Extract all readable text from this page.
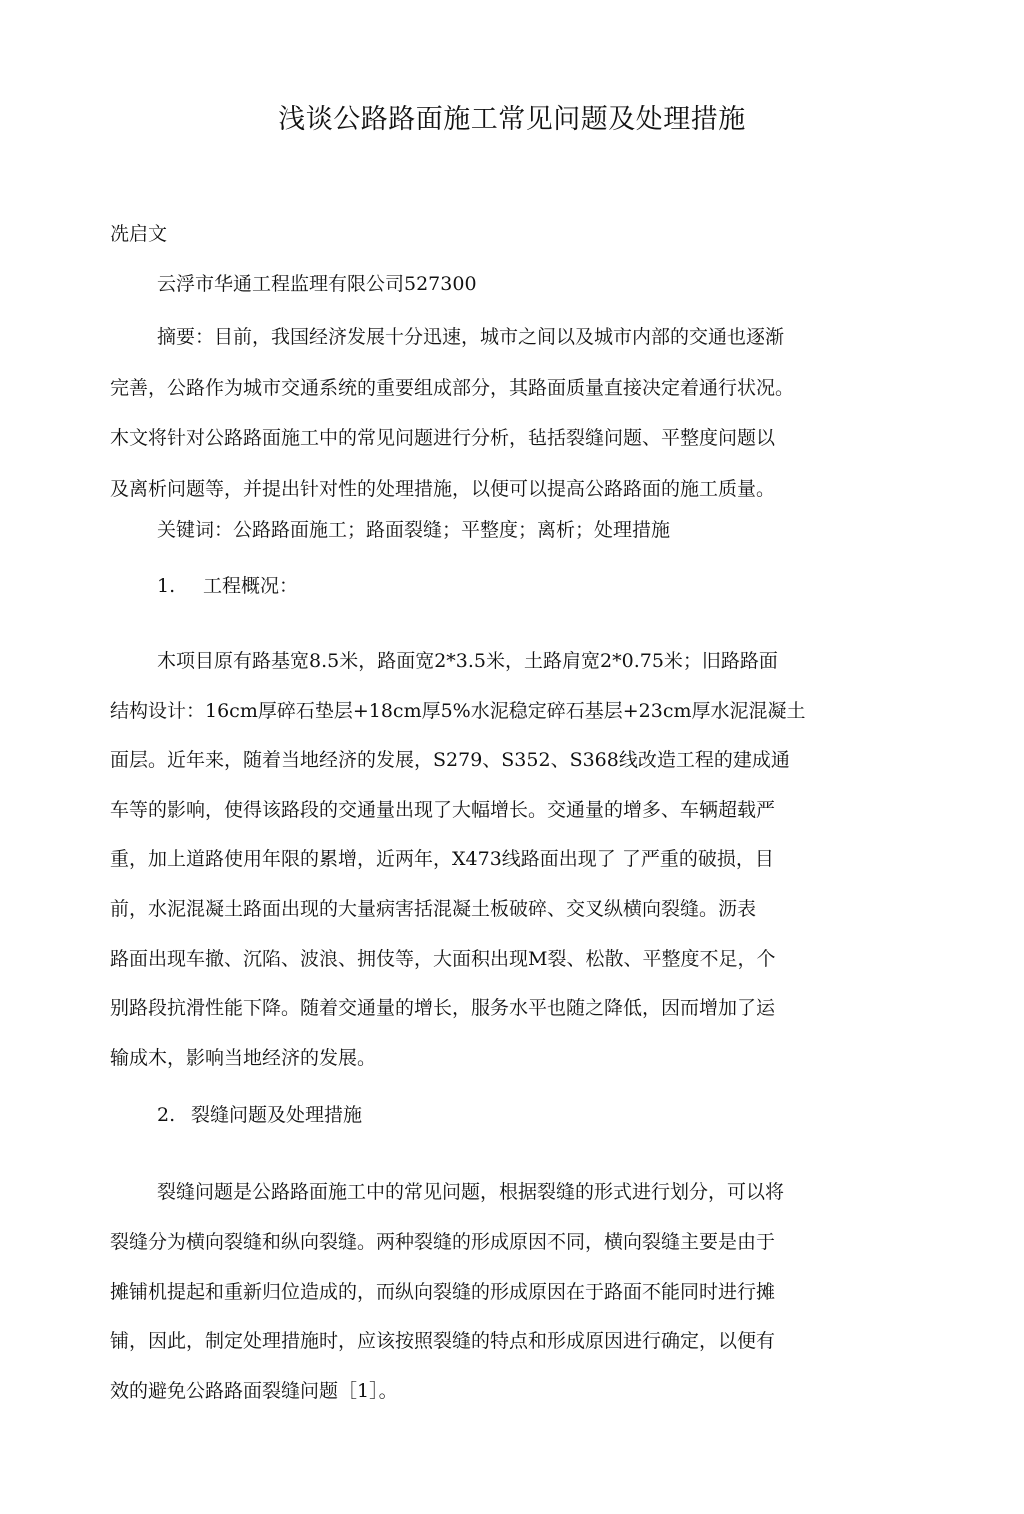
浅谈公路路面施工常见问题及处理措施
冼启文
云浮市华通工程监理有限公司527300
摘要：目前，我国经济发展十分迅速，城市之间以及城市内部的交通也逐渐
完善，公路作为城市交通系统的重要组成部分，其路面质量直接决定着通行状况。
木文将针对公路路面施工中的常见问题进行分析，毡括裂缝问题、平整度问题以
及离析问题等，并提出针对性的处理措施，以便可以提高公路路面的施工质量。
关键词：公路路面施工；路面裂缝；平整度；离析；处理措施
1. 工程概况：
木项目原有路基宽8.5米，路面宽2*3.5米，土路肩宽2*0.75米；旧路路面
结构设计：16cm厚碎石垫层+18cm厚5%水泥稳定碎石基层+23cm厚水泥混凝土
面层。近年来，随着当地经济的发展，S279、S352、S368线改造工程的建成通
车等的影响，使得该路段的交通量出现了大幅增长。交通量的增多、车辆超载严
重，加上道路使用年限的累增，近两年，X473线路面出现了 了严重的破损，目
前，水泥混凝土路面出现的大量病害括混凝土板破碎、交叉纵横向裂缝。沥表
路面出现车撤、沉陷、波浪、拥伎等，大面积出现M裂、松散、平整度不足，个
别路段抗滑性能下降。随着交通量的增长，服务水平也随之降低，因而增加了运
输成木，影响当地经济的发展。
2. 裂缝问题及处理措施
裂缝问题是公路路面施工中的常见问题，根据裂缝的形式进行划分，可以将
裂缝分为横向裂缝和纵向裂缝。两种裂缝的形成原因不同，横向裂缝主要是由于
摊铺机提起和重新归位造成的，而纵向裂缝的形成原因在于路面不能同时进行摊
铺，因此，制定处理措施时，应该按照裂缝的特点和形成原因进行确定，以便有
效的避免公路路面裂缝问题［1］。
